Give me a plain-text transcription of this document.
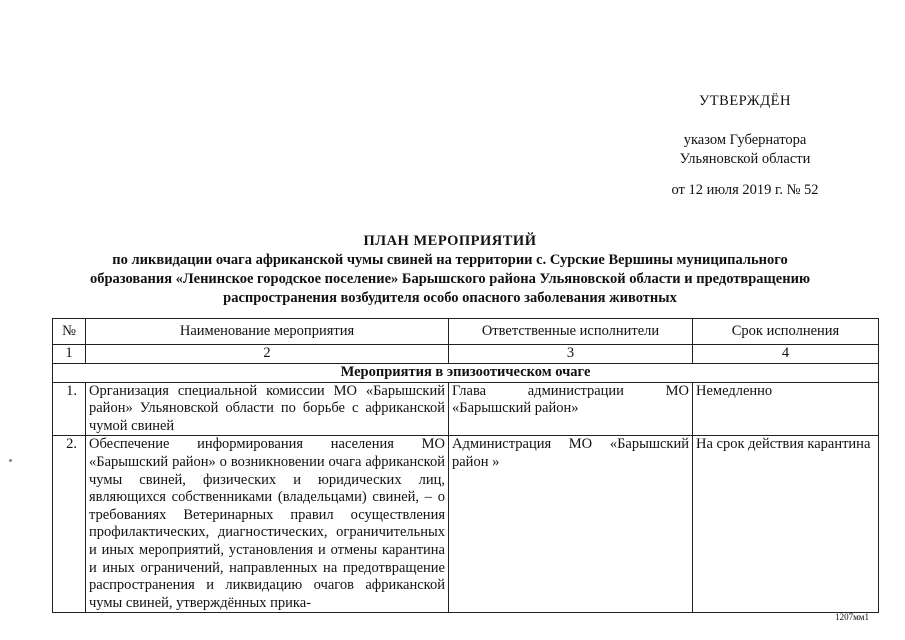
УТВЕРЖДЁН
указом Губернатора
Ульяновской области
от 12 июля 2019 г. № 52
ПЛАН МЕРОПРИЯТИЙ
по ликвидации очага африканской чумы свиней на территории с. Сурские Вершины муниципального
образования «Ленинское городское поселение» Барышского района Ульяновской области и предотвращению
распространения возбудителя особо опасного заболевания животных
№	Наименование мероприятия	Ответственные исполнители	Срок исполнения
1	2	3	4
Мероприятия в эпизоотическом очаге			
1.	Организация специальной комиссии МО «Барышский район» Ульяновской области по борьбе с африканской чумой свиней	Глава администрации МО «Барышский район»	Немедленно
2.	Обеспечение информирования населения МО «Барышский район» о возникновении очага африканской чумы свиней, физических и юридических лиц, являющихся собственниками (владельцами) свиней, – о требованиях Ветеринарных правил осуществления профилактических, диагностических, ограничительных и иных мероприятий, установления и отмены карантина и иных ограничений, направленных на предотвращение распространения и ликвидацию очагов африканской чумы свиней, утверждённых прика-	Администрация МО «Барышский район »	На срок действия карантина
1207мм1
